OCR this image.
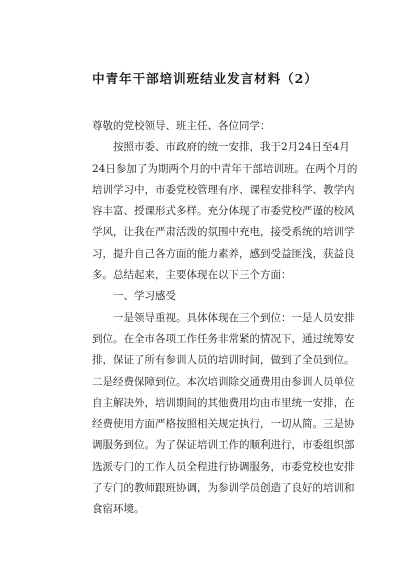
中青年干部培训班结业发言材料（2）
尊敬的党校领导、班主任、各位同学：
　　按照市委、市政府的统一安排，我于2月24日至4月
24日参加了为期两个月的中青年干部培训班。在两个月的
培训学习中，市委党校管理有序、课程安排科学、教学内
容丰富、授课形式多样。充分体现了市委党校严谨的校风
学风，让我在严肃活泼的氛围中充电，接受系统的培训学
习，提升自己各方面的能力素养，感到受益匪浅，获益良
多。总结起来，主要体现在以下三个方面：
　　一、学习感受
　　一是领导重视。具体体现在三个到位：一是人员安排
到位。在全市各项工作任务非常紧的情况下，通过统筹安
排，保证了所有参训人员的培训时间，做到了全员到位。
二是经费保障到位。本次培训除交通费用由参训人员单位
自主解决外，培训期间的其他费用均由市里统一安排，在
经费使用方面严格按照相关规定执行，一切从简。三是协
调服务到位。为了保证培训工作的顺利进行，市委组织部
选派专门的工作人员全程进行协调服务，市委党校也安排
了专门的教师跟班协调，为参训学员创造了良好的培训和
食宿环境。
